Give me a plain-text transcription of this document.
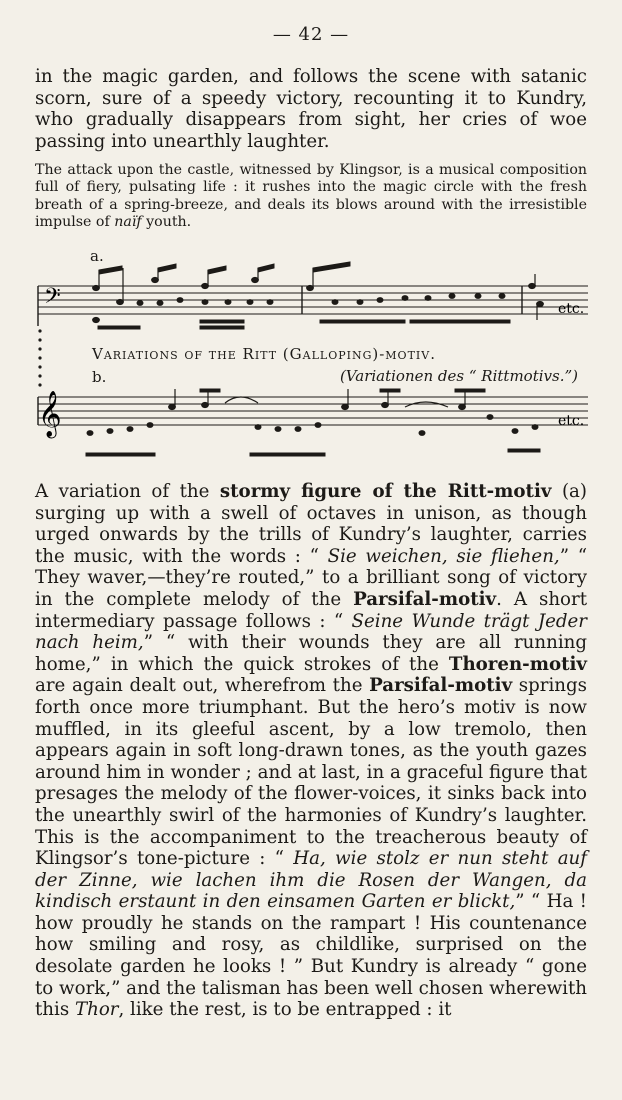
— 42 —
in the magic garden, and follows the scene with satanic scorn, sure of a speedy victory, recounting it to Kundry, who gradually disappears from sight, her cries of woe passing into unearthly laughter.
The attack upon the castle, witnessed by Klingsor, is a musical composition full of fiery, pulsating life : it rushes into the magic circle with the fresh breath of a spring-breeze, and deals its blows around with the irresistible impulse of naïf youth.
a.
𝄢	etc.
Variations of the Ritt (Galloping)-motiv.
b.	(Variationen des “ Rittmotivs.”)
𝄞	etc.
A variation of the stormy figure of the Ritt-motiv (a) surging up with a swell of octaves in unison, as though urged onwards by the trills of Kundry’s laughter, carries the music, with the words : “ Sie weichen, sie fliehen,” “ They waver,—they’re routed,” to a brilliant song of victory in the complete melody of the Parsifal-motiv. A short intermediary passage follows : “ Seine Wunde trägt Jeder nach heim,” “ with their wounds they are all running home,” in which the quick strokes of the Thoren-motiv are again dealt out, wherefrom the Parsifal-motiv springs forth once more triumphant. But the hero’s motiv is now muffled, in its gleeful ascent, by a low tremolo, then appears again in soft long-drawn tones, as the youth gazes around him in wonder ; and at last, in a graceful figure that presages the melody of the flower-voices, it sinks back into the unearthly swirl of the harmonies of Kundry’s laughter. This is the accompaniment to the treacherous beauty of Klingsor’s tone-picture : “ Ha, wie stolz er nun steht auf der Zinne, wie lachen ihm die Rosen der Wangen, da kindisch erstaunt in den einsamen Garten er blickt,” “ Ha ! how proudly he stands on the rampart ! His countenance how smiling and rosy, as childlike, surprised on the desolate garden he looks ! ” But Kundry is already “ gone to work,” and the talisman has been well chosen wherewith this Thor, like the rest, is to be entrapped : it
